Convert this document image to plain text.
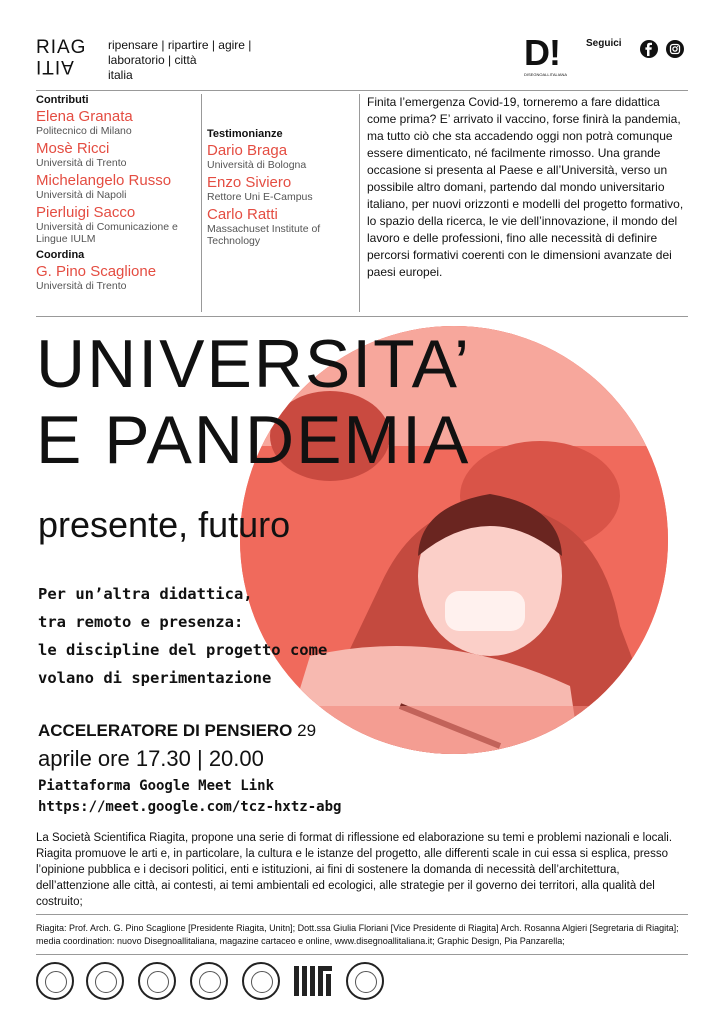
RIAG
ITIA
ripensare | ripartire | agire |
laboratorio | città
italia
D!
DISEGNOALLITALIANA
Seguici
Contributi
Elena Granata
Politecnico di Milano
Mosè Ricci
Università di Trento
Michelangelo Russo
Università di Napoli
Pierluigi Sacco
Università di Comunicazione e Lingue IULM
Coordina
G. Pino Scaglione
Università di Trento
Testimonianze
Dario Braga
Università di Bologna
Enzo Siviero
Rettore Uni E-Campus
Carlo Ratti
Massachuset Institute of Technology
Finita l’emergenza Covid-19, torneremo a fare didattica come prima? E’ arrivato il vaccino, forse finirà la pandemia, ma tutto ciò che sta accadendo oggi non potrà comunque essere dimenticato, né facilmente rimosso. Una grande occasione si presenta al Paese e all’Università, verso un possibile altro domani, partendo dal mondo universitario italiano, per nuovi orizzonti e modelli del progetto formativo, lo spazio della ricerca, le vie dell’innovazione, il mondo del lavoro e delle professioni, fino alle necessità di definire percorsi formativi coerenti con le dimensioni avanzate dei paesi europei.
UNIVERSITA’
E PANDEMIA
presente, futuro
Per un’altra didattica,
tra remoto e presenza:
le discipline del progetto come
volano di sperimentazione
ACCELERATORE DI PENSIERO 29
aprile ore 17.30 | 20.00
Piattaforma Google Meet Link
https://meet.google.com/tcz-hxtz-abg
La Società Scientifica Riagita, propone una serie di format di riflessione ed elaborazione su temi e problemi nazionali e locali. Riagita promuove le arti e, in particolare, la cultura e le istanze del progetto, alle differenti scale in cui essa si esplica, presso l’opinione pubblica e i decisori politici, enti e istituzioni, ai fini di sostenere la domanda di necessità dell’architettura, dell’attenzione alle città, ai contesti, ai temi ambientali ed ecologici, alle strategie per il governo dei territori, alla qualità del costruito;
Riagita: Prof. Arch. G. Pino Scaglione [Presidente Riagita, Unitn]; Dott.ssa Giulia Floriani [Vice Presidente di Riagita] Arch. Rosanna Algieri [Segretaria di Riagita]; media coordination: nuovo Disegnoallitaliana, magazine cartaceo e online, www.disegnoallitaliana.it; Graphic Design, Pia Panzarella;
